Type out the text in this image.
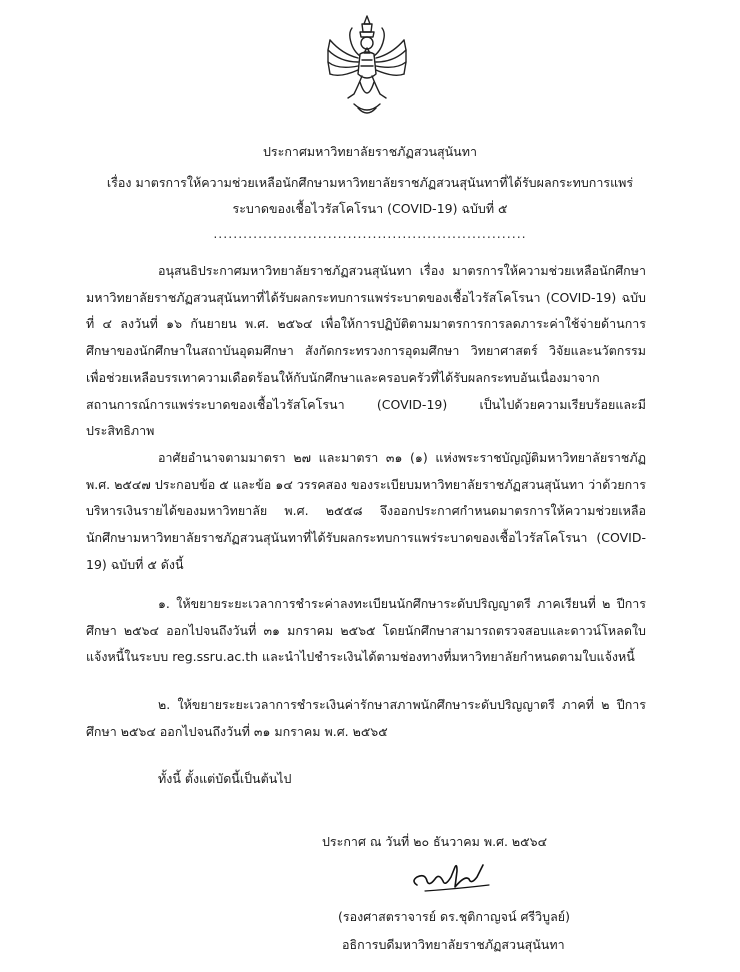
ประกาศมหาวิทยาลัยราชภัฏสวนสุนันทา
เรื่อง มาตรการให้ความช่วยเหลือนักศึกษามหาวิทยาลัยราชภัฏสวนสุนันทาที่ได้รับผลกระทบการแพร่
ระบาดของเชื้อไวรัสโคโรนา (COVID-19) ฉบับที่ ๕
...............................................................

อนุสนธิประกาศมหาวิทยาลัยราชภัฏสวนสุนันทา เรื่อง มาตรการให้ความช่วยเหลือนักศึกษามหาวิทยาลัยราชภัฏสวนสุนันทาที่ได้รับผลกระทบการแพร่ระบาดของเชื้อไวรัสโคโรนา (COVID-19) ฉบับที่ ๔ ลงวันที่ ๑๖ กันยายน พ.ศ. ๒๕๖๔ เพื่อให้การปฏิบัติตามมาตรการการลดภาระค่าใช้จ่ายด้านการศึกษาของนักศึกษาในสถาบันอุดมศึกษา สังกัดกระทรวงการอุดมศึกษา วิทยาศาสตร์ วิจัยและนวัตกรรม เพื่อช่วยเหลือบรรเทาความเดือดร้อนให้กับนักศึกษาและครอบครัวที่ได้รับผลกระทบอันเนื่องมาจากสถานการณ์การแพร่ระบาดของเชื้อไวรัสโคโรนา (COVID-19) เป็นไปด้วยความเรียบร้อยและมีประสิทธิภาพ

อาศัยอำนาจตามมาตรา ๒๗ และมาตรา ๓๑ (๑) แห่งพระราชบัญญัติมหาวิทยาลัยราชภัฏ พ.ศ. ๒๕๔๗ ประกอบข้อ ๕ และข้อ ๑๔ วรรคสอง ของระเบียบมหาวิทยาลัยราชภัฏสวนสุนันทา ว่าด้วยการบริหารเงินรายได้ของมหาวิทยาลัย พ.ศ. ๒๕๕๘ จึงออกประกาศกำหนดมาตรการให้ความช่วยเหลือนักศึกษามหาวิทยาลัยราชภัฏสวนสุนันทาที่ได้รับผลกระทบการแพร่ระบาดของเชื้อไวรัสโคโรนา (COVID-19) ฉบับที่ ๕ ดังนี้

๑. ให้ขยายระยะเวลาการชำระค่าลงทะเบียนนักศึกษาระดับปริญญาตรี ภาคเรียนที่ ๒ ปีการศึกษา ๒๕๖๔ ออกไปจนถึงวันที่ ๓๑ มกราคม ๒๕๖๕ โดยนักศึกษาสามารถตรวจสอบและดาวน์โหลดใบแจ้งหนี้ในระบบ reg.ssru.ac.th และนำไปชำระเงินได้ตามช่องทางที่มหาวิทยาลัยกำหนดตามใบแจ้งหนี้

๒. ให้ขยายระยะเวลาการชำระเงินค่ารักษาสภาพนักศึกษาระดับปริญญาตรี ภาคที่ ๒ ปีการศึกษา ๒๕๖๔ ออกไปจนถึงวันที่ ๓๑ มกราคม พ.ศ. ๒๕๖๕

ทั้งนี้ ตั้งแต่บัดนี้เป็นต้นไป

ประกาศ ณ วันที่ ๒๐ ธันวาคม พ.ศ. ๒๕๖๔
(รองศาสตราจารย์ ดร.ชุติกาญจน์ ศรีวิบูลย์)
อธิการบดีมหาวิทยาลัยราชภัฏสวนสุนันทา
